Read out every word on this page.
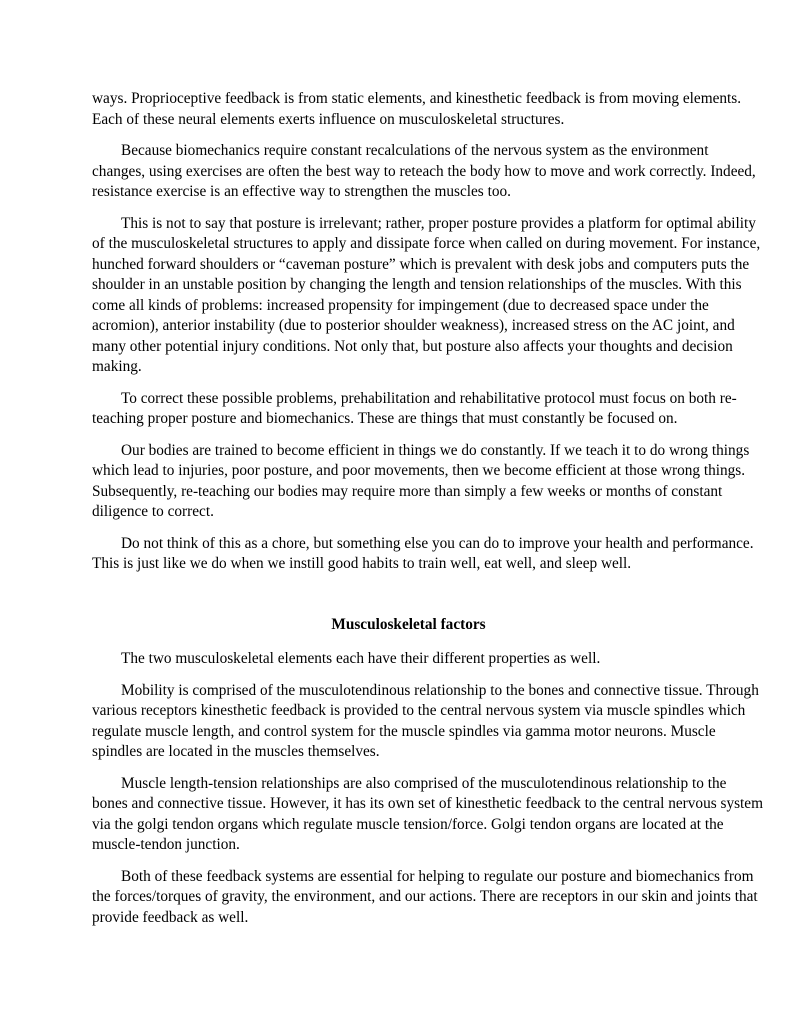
ways. Proprioceptive feedback is from static elements, and kinesthetic feedback is from moving elements. Each of these neural elements exerts influence on musculoskeletal structures.

Because biomechanics require constant recalculations of the nervous system as the environment changes, using exercises are often the best way to reteach the body how to move and work correctly. Indeed, resistance exercise is an effective way to strengthen the muscles too.

This is not to say that posture is irrelevant; rather, proper posture provides a platform for optimal ability of the musculoskeletal structures to apply and dissipate force when called on during movement. For instance, hunched forward shoulders or “caveman posture” which is prevalent with desk jobs and computers puts the shoulder in an unstable position by changing the length and tension relationships of the muscles. With this come all kinds of problems: increased propensity for impingement (due to decreased space under the acromion), anterior instability (due to posterior shoulder weakness), increased stress on the AC joint, and many other potential injury conditions. Not only that, but posture also affects your thoughts and decision making.

To correct these possible problems, prehabilitation and rehabilitative protocol must focus on both re-teaching proper posture and biomechanics. These are things that must constantly be focused on.

Our bodies are trained to become efficient in things we do constantly. If we teach it to do wrong things which lead to injuries, poor posture, and poor movements, then we become efficient at those wrong things. Subsequently, re-teaching our bodies may require more than simply a few weeks or months of constant diligence to correct.

Do not think of this as a chore, but something else you can do to improve your health and performance. This is just like we do when we instill good habits to train well, eat well, and sleep well.

Musculoskeletal factors

The two musculoskeletal elements each have their different properties as well.

Mobility is comprised of the musculotendinous relationship to the bones and connective tissue. Through various receptors kinesthetic feedback is provided to the central nervous system via muscle spindles which regulate muscle length, and control system for the muscle spindles via gamma motor neurons. Muscle spindles are located in the muscles themselves.

Muscle length-tension relationships are also comprised of the musculotendinous relationship to the bones and connective tissue. However, it has its own set of kinesthetic feedback to the central nervous system via the golgi tendon organs which regulate muscle tension/force. Golgi tendon organs are located at the muscle-tendon junction.

Both of these feedback systems are essential for helping to regulate our posture and biomechanics from the forces/torques of gravity, the environment, and our actions. There are receptors in our skin and joints that provide feedback as well.
